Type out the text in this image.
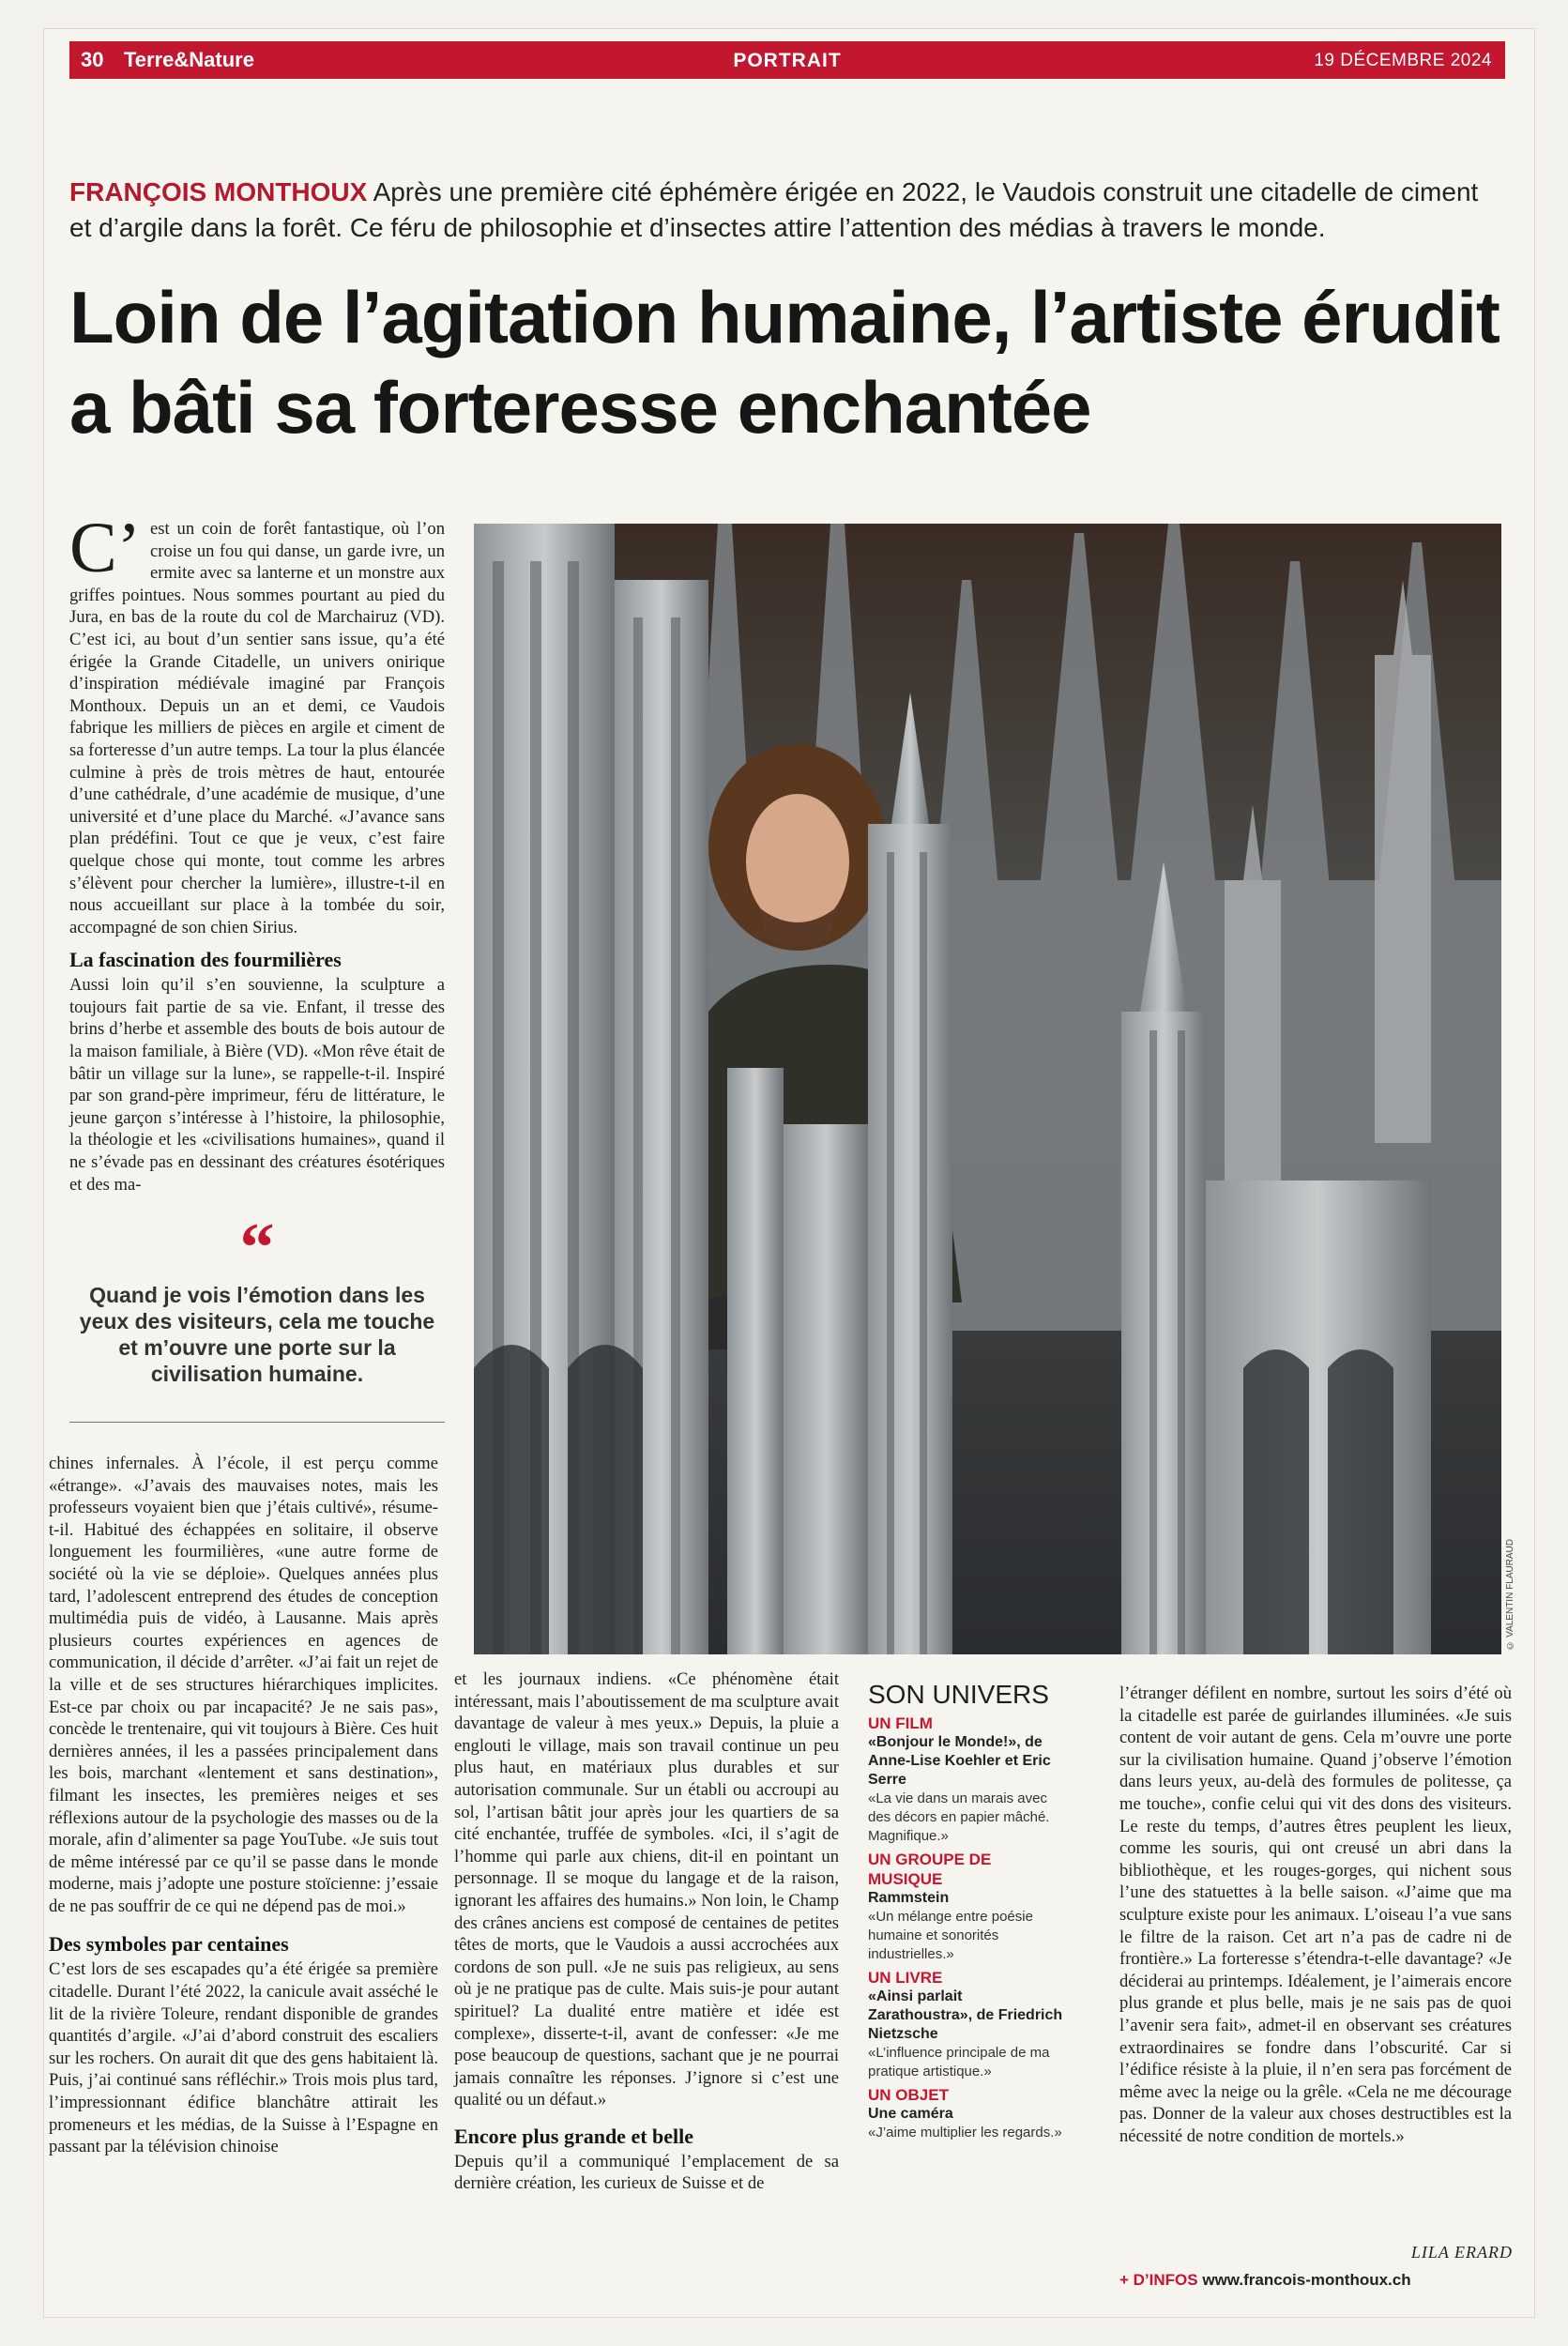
30 Terre&Nature	PORTRAIT	19 DÉCEMBRE 2024
FRANÇOIS MONTHOUX Après une première cité éphémère érigée en 2022, le Vaudois construit une citadelle de ciment et d’argile dans la forêt. Ce féru de philosophie et d’insectes attire l’attention des médias à travers le monde.
Loin de l’agitation humaine, l’artiste érudit a bâti sa forteresse enchantée
C’ est un coin de forêt fantastique, où l’on croise un fou qui danse, un garde ivre, un ermite avec sa lanterne et un monstre aux griffes pointues. Nous sommes pourtant au pied du Jura, en bas de la route du col de Marchairuz (VD). C’est ici, au bout d’un sentier sans issue, qu’a été érigée la Grande Citadelle, un univers onirique d’inspiration médiévale imaginé par François Monthoux. Depuis un an et demi, ce Vaudois fabrique les milliers de pièces en argile et ciment de sa forteresse d’un autre temps. La tour la plus élancée culmine à près de trois mètres de haut, entourée d’une cathédrale, d’une académie de musique, d’une université et d’une place du Marché. «J’avance sans plan prédéfini. Tout ce que je veux, c’est faire quelque chose qui monte, tout comme les arbres s’élèvent pour chercher la lumière», illustre-t-il en nous accueillant sur place à la tombée du soir, accompagné de son chien Sirius.

La fascination des fourmilières

Aussi loin qu’il s’en souvienne, la sculpture a toujours fait partie de sa vie. Enfant, il tresse des brins d’herbe et assemble des bouts de bois autour de la maison familiale, à Bière (VD). «Mon rêve était de bâtir un village sur la lune», se rappelle-t-il. Inspiré par son grand-père imprimeur, féru de littérature, le jeune garçon s’intéresse à l’histoire, la philosophie, la théologie et les «civilisations humaines», quand il ne s’évade pas en dessinant des créatures ésotériques et des ma-

“
Quand je vois l’émotion dans les yeux des visiteurs, cela me touche et m’ouvre une porte sur la civilisation humaine.

chines infernales. À l’école, il est perçu comme «étrange». «J’avais des mauvaises notes, mais les professeurs voyaient bien que j’étais cultivé», résume-t-il. Habitué des échappées en solitaire, il observe longuement les fourmilières, «une autre forme de société où la vie se déploie». Quelques années plus tard, l’adolescent entreprend des études de conception multimédia puis de vidéo, à Lausanne. Mais après plusieurs courtes expériences en agences de communication, il décide d’arrêter. «J’ai fait un rejet de la ville et de ses structures hiérarchiques implicites. Est-ce par choix ou par incapacité? Je ne sais pas», concède le trentenaire, qui vit toujours à Bière. Ces huit dernières années, il les a passées principalement dans les bois, marchant «lentement et sans destination», filmant les insectes, les premières neiges et ses réflexions autour de la psychologie des masses ou de la morale, afin d’alimenter sa page YouTube. «Je suis tout de même intéressé par ce qu’il se passe dans le monde moderne, mais j’adopte une posture stoïcienne: j’essaie de ne pas souffrir de ce qui ne dépend pas de moi.»

Des symboles par centaines

C’est lors de ses escapades qu’a été érigée sa première citadelle. Durant l’été 2022, la canicule avait asséché le lit de la rivière Toleure, rendant disponible de grandes quantités d’argile. «J’ai d’abord construit des escaliers sur les rochers. On aurait dit que des gens habitaient là. Puis, j’ai continué sans réfléchir.» Trois mois plus tard, l’impressionnant édifice blanchâtre attirait les promeneurs et les médias, de la Suisse à l’Espagne en passant par la télévision chinoise

© VALENTIN FLAURAUD

et les journaux indiens. «Ce phénomène était intéressant, mais l’aboutissement de ma sculpture avait davantage de valeur à mes yeux.» Depuis, la pluie a englouti le village, mais son travail continue un peu plus haut, en matériaux plus durables et sur autorisation communale. Sur un établi ou accroupi au sol, l’artisan bâtit jour après jour les quartiers de sa cité enchantée, truffée de symboles. «Ici, il s’agit de l’homme qui parle aux chiens, dit-il en pointant un personnage. Il se moque du langage et de la raison, ignorant les affaires des humains.» Non loin, le Champ des crânes anciens est composé de centaines de petites têtes de morts, que le Vaudois a aussi accrochées aux cordons de son pull. «Je ne suis pas religieux, au sens où je ne pratique pas de culte. Mais suis-je pour autant spirituel? La dualité entre matière et idée est complexe», disserte-t-il, avant de confesser: «Je me pose beaucoup de questions, sachant que je ne pourrai jamais connaître les réponses. J’ignore si c’est une qualité ou un défaut.»

Encore plus grande et belle

Depuis qu’il a communiqué l’emplacement de sa dernière création, les curieux de Suisse et de

SON UNIVERS
UN FILM
«Bonjour le Monde!», de Anne-Lise Koehler et Eric Serre
«La vie dans un marais avec des décors en papier mâché. Magnifique.»
UN GROUPE DE MUSIQUE
Rammstein
«Un mélange entre poésie humaine et sonorités industrielles.»
UN LIVRE
«Ainsi parlait Zarathoustra», de Friedrich Nietzsche
«L’influence principale de ma pratique artistique.»
UN OBJET
Une caméra
«J’aime multiplier les regards.»

l’étranger défilent en nombre, surtout les soirs d’été où la citadelle est parée de guirlandes illuminées. «Je suis content de voir autant de gens. Cela m’ouvre une porte sur la civilisation humaine. Quand j’observe l’émotion dans leurs yeux, au-delà des formules de politesse, ça me touche», confie celui qui vit des dons des visiteurs. Le reste du temps, d’autres êtres peuplent les lieux, comme les souris, qui ont creusé un abri dans la bibliothèque, et les rouges-gorges, qui nichent sous l’une des statuettes à la belle saison. «J’aime que ma sculpture existe pour les animaux. L’oiseau l’a vue sans le filtre de la raison. Cet art n’a pas de cadre ni de frontière.» La forteresse s’étendra-t-elle davantage? «Je déciderai au printemps. Idéalement, je l’aimerais encore plus grande et plus belle, mais je ne sais pas de quoi l’avenir sera fait», admet-il en observant ses créatures extraordinaires se fondre dans l’obscurité. Car si l’édifice résiste à la pluie, il n’en sera pas forcément de même avec la neige ou la grêle. «Cela ne me décourage pas. Donner de la valeur aux choses destructibles est la nécessité de notre condition de mortels.»

LILA ERARD
+ D’INFOS www.francois-monthoux.ch
